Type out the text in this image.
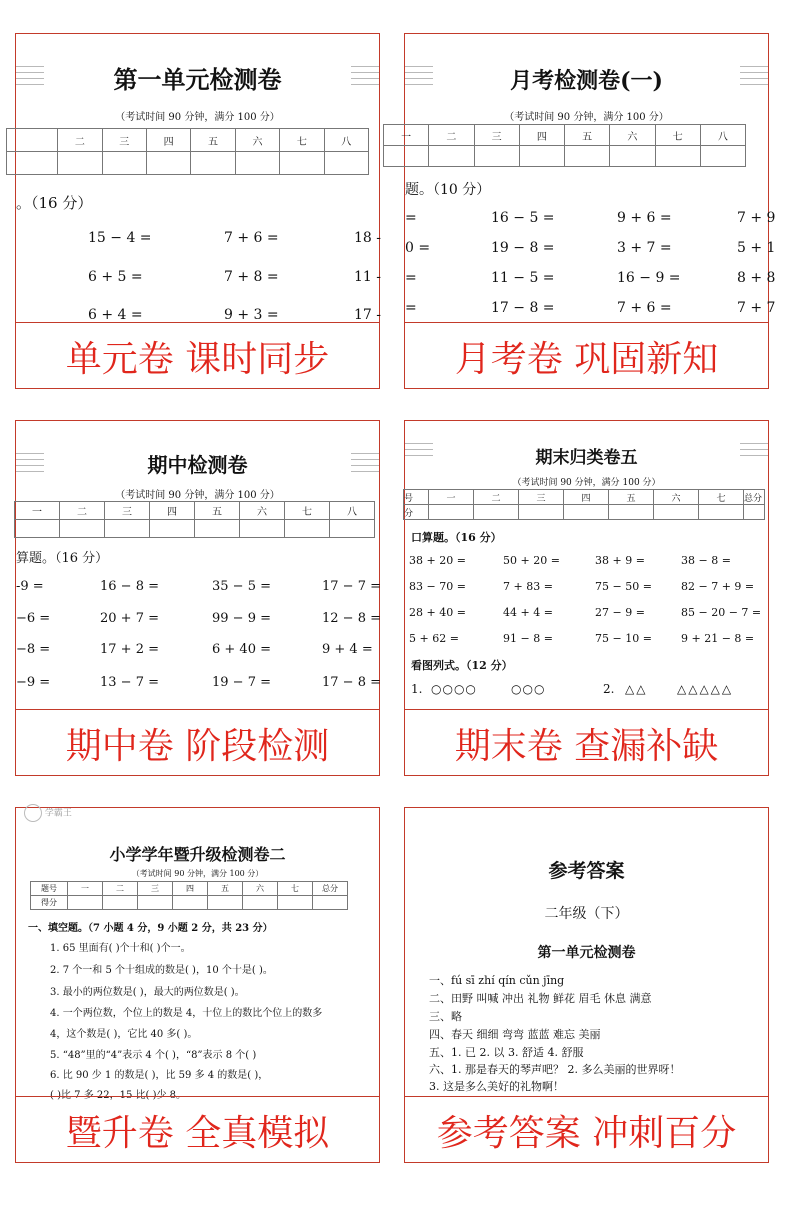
第一单元检测卷
（考试时间 90 分钟，满分 100 分）
	二	三	四	五	六	七	八

。（16 分）
15 − 4 =	7 + 6 =	18 -
6 + 5 =	7 + 8 =	11 -
6 + 4 =	9 + 3 =	17 -
单元卷 课时同步
月考检测卷(一)
（考试时间 90 分钟，满分 100 分）
一	二	三	四	五	六	七	八

题。（10 分）
=	16 − 5 =	9 + 6 =	7 + 9
0 =	19 − 8 =	3 + 7 =	5 + 1
=	11 − 5 =	16 − 9 =	8 + 8
=	17 − 8 =	7 + 6 =	7 + 7
月考卷 巩固新知
期中检测卷
（考试时间 90 分钟，满分 100 分）
一	二	三	四	五	六	七	八

算题。（16 分）
-9 =	16 − 8 =	35 − 5 =	17 − 7 =
−6 =	20 + 7 =	99 − 9 =	12 − 8 =
−8 =	17 + 2 =	6 + 40 =	9 + 4 =
−9 =	13 − 7 =	19 − 7 =	17 − 8 =
期中卷 阶段检测
期末归类卷五
（考试时间 90 分钟，满分 100 分）
号	一	二	三	四	五	六	七	总分
分								
口算题。（16 分）
38 + 20 =	50 + 20 =	38 + 9 =	38 − 8 =
83 − 70 =	7 + 83 =	75 − 50 =	82 − 7 + 9 =
28 + 40 =	44 + 4 =	27 − 9 =	85 − 20 − 7 =
5 + 62 =	91 − 8 =	75 − 10 =	9 + 21 − 8 =
看图列式。（12 分）
1. ○○○○	○○○	2. △△ △△△△△
期末卷 查漏补缺
学霸王
小学学年暨升级检测卷二
（考试时间 90 分钟，满分 100 分）
题号	一	二	三	四	五	六	七	总分
得分								
一、填空题。（7 小题 4 分，9 小题 2 分，共 23 分）
1. 65 里面有( )个十和( )个一。
2. 7 个一和 5 个十组成的数是( )，10 个十是( )。
3. 最小的两位数是( )，最大的两位数是( )。
4. 一个两位数，个位上的数是 4，十位上的数比个位上的数多
4，这个数是( )，它比 40 多( )。
5. “48”里的“4”表示 4 个( )，“8”表示 8 个( )
6. 比 90 少 1 的数是( )，比 59 多 4 的数是( )，
( )比 7 多 22，15 比( )少 8。
暨升卷 全真模拟
参考答案
二年级（下）
第一单元检测卷
一、fú sī zhí qín cǔn jīng
二、田野 叫喊 冲出 礼物 鲜花 眉毛 休息 满意
三、略
四、春天 细细 弯弯 蓝蓝 难忘 美丽
五、1. 已 2. 以 3. 舒适 4. 舒服
六、1. 那是春天的琴声吧？ 2. 多么美丽的世界呀！
3. 这是多么美好的礼物啊！
参考答案 冲刺百分
